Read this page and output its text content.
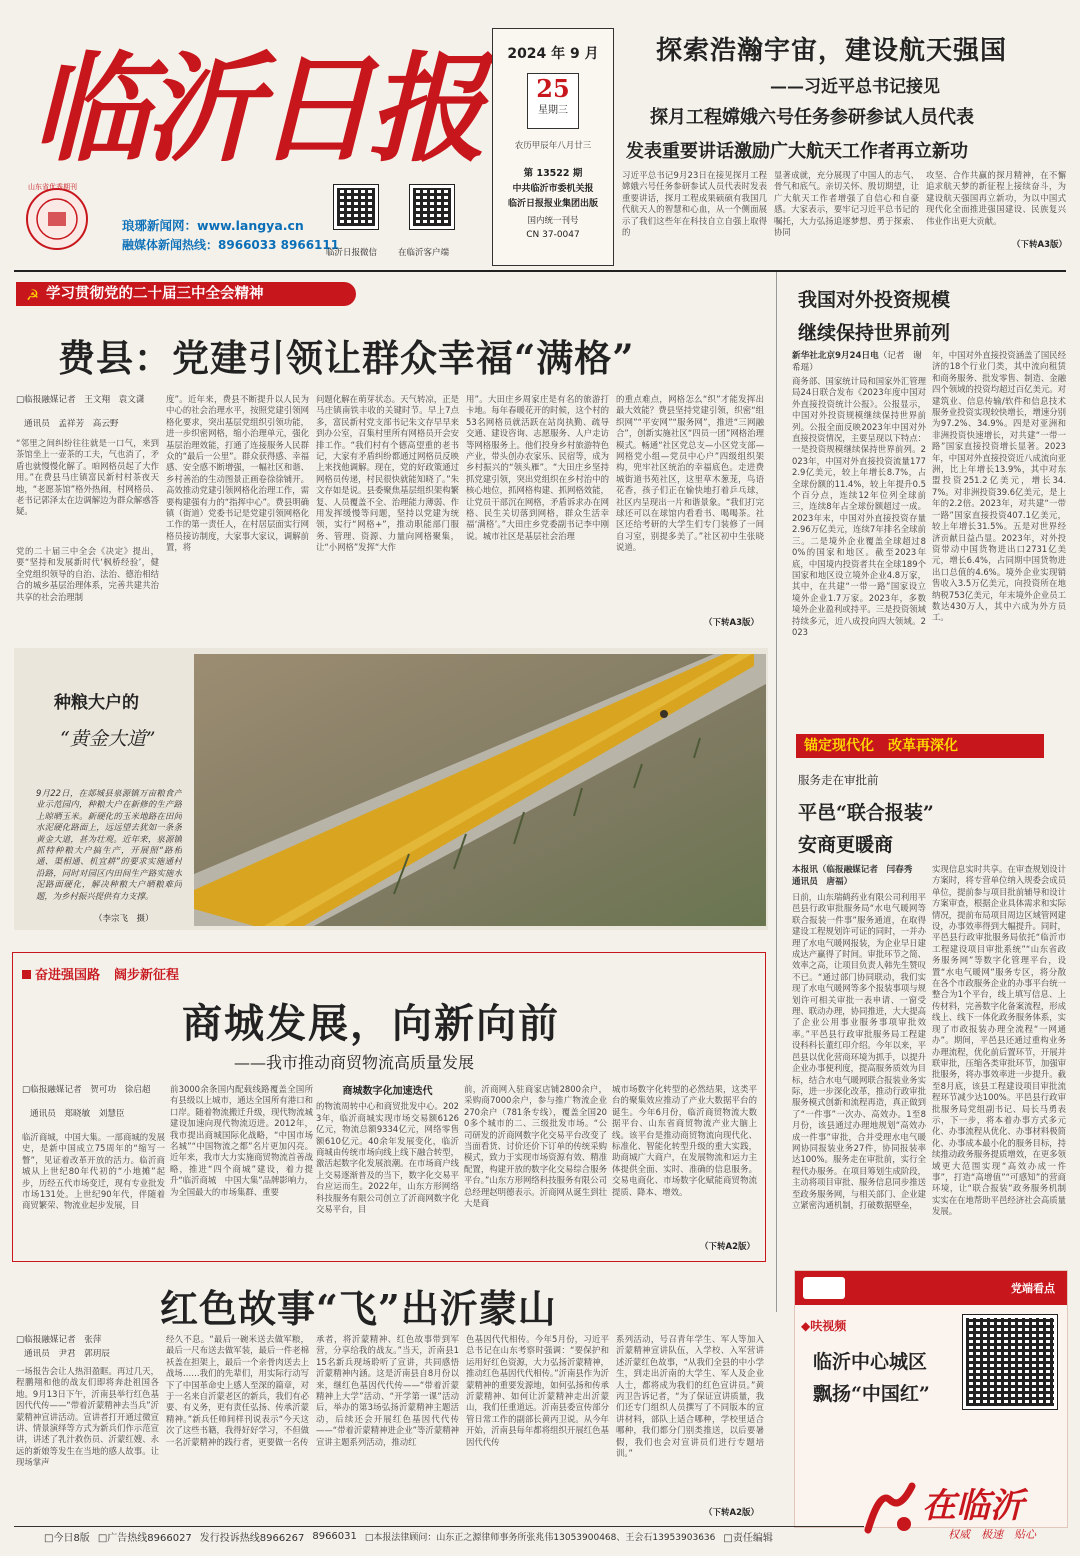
临沂日报
山东省优秀期刊
琅琊新闻网：www.langya.cn
融媒体新闻热线：8966033 8966111
2024 年 9 月
25
星期三
农历甲辰年八月廿三
第 13522 期
中共临沂市委机关报
临沂日报报业集团出版
国内统一刊号
CN 37-0047
临沂日报微信 在临沂客户端
探索浩瀚宇宙，建设航天强国
——习近平总书记接见
探月工程嫦娥六号任务参研参试人员代表
发表重要讲话激励广大航天工作者再立新功
习近平总书记9月23日在接见探月工程嫦娥六号任务参研参试人员代表时发表重要讲话，探月工程成果硕硕有我国几代航天人的智慧和心血，从一个侧面展示了我们这些年在科技自立自强上取得的
显著成就，充分展现了中国人的志气、骨气和底气。亲切关怀、殷切期望，让广大航天工作者增强了自信心和自豪感。大家表示，要牢记习近平总书记的嘱托，大力弘扬追逐梦想、勇于探索、协同
攻坚、合作共赢的探月精神，在不懈追求航天梦的新征程上接续奋斗，为建设航天强国再立新功，为以中国式现代化全面推进强国建设、民族复兴伟业作出更大贡献。
（下转A3版）
☭ 学习贯彻党的二十届三中全会精神
费县：党建引领让群众幸福“满格”
□临报融媒记者　王文翔　袁文潇
通讯员　孟祥芳　高云野
“邻里之间纠纷往往就是一口气，来到茶馆坐上一壶茶的工夫，气也消了，矛盾也就慢慢化解了。咱网格员起了大作用。”在费县马庄镇富民新村村茶夜天地，“老愿茶馆”格外热闹，村网格员、老书记郭泽太在边调解边为群众解惑答疑。
党的二十届三中全会《决定》提出，要“坚持和发展新时代‘枫桥经验’，健全党组织领导的自治、法治、德治相结合的城乡基层治理体系，完善共建共治共享的社会治理制
度”。近年来，费县不断提升以人民为中心的社会治理水平，按照党建引领网格化要求，突出基层党组织引领功能，进一步织密网格，缩小治理单元，强化基层治理效能，打通了连接服务人民群众的“最后一公里”。群众获得感、幸福感、安全感不断增强，一幅社区和谐、乡村善治的生动图景正画卷徐徐铺开。高效推动党建引领网格化治理工作，需要构建强有力的“指挥中心”。费县明确镇（街道）党委书记是党建引领网格化工作的第一责任人，在村居层面实行网格员接访制度，大家事大家议，调解前置，将
问题化解在萌芽状态。天气转凉，正是马庄镇南铁丰收的关键时节。早上7点多，富民新村党支部书记朱文存早早来到办公室，召集村里所有网格员开会安排工作。“我们村有个德高望重的老书记，大家有矛盾纠纷都通过网格员反映上来找他调解。现在，党的好政策通过网格员传递，村民很快就能知晓了。”朱文存如是说。县委聚焦基层组织架构繁复、人员覆盖不全、治理能力薄弱、作用发挥缓慢等问题，坚持以党建为统领，实行“网格+”，推动职能部门服务、管理、资源、力量向网格聚集，让“小网格”发挥“大作
用”。大田庄乡周家庄是有名的旅游打卡地。每年春暖花开的时候，这个村的53名网格员就活跃在站岗执勤、疏导交通、建设咨询、志愿服务、人户走访等网格服务上。他们投身乡村旅游特色产业，带头创办农家乐、民宿等，成为乡村振兴的“领头雁”。“大田庄乡坚持抓党建引领，突出党组织在乡村治中的核心地位，抓网格构建、抓网格效能，让党员干部沉在网格，矛盾诉求办在网格、民生关切落到网格，群众生活幸福‘满格’。”大田庄乡党委副书记李中刚说。城市社区是基层社会治理
的重点难点，网格怎么“织”才能发挥出最大效能？费县坚持党建引领，织密“组织网”“平安网”“服务网”，推进“三网融合”，创新实施社区“四员一团”网格治理模式。畅通“社区党总支—小区党支部—网格党小组—党员中心户”四级组织架构，兜牢社区统治的幸福底色。走进费城街道书苑社区，这里草木葱茏，鸟语花香，孩子们正在愉快地打着乒乓球，社区内呈现出一片和谐景象。“我们打完球还可以在球馆内看看书、喝喝茶。社区还给考研的大学生们专门装修了一间自习室，别提多美了。”社区初中生张晓说道。
（下转A3版）
我国对外投资规模
继续保持世界前列
新华社北京9月24日电（记者　谢希瑶）
商务部、国家统计局和国家外汇管理局24日联合发布《2023年度中国对外直接投资统计公报》。公报显示，中国对外投资规模继续保持世界前列。公报全面反映2023年中国对外直接投资情况，主要呈现以下特点：一是投资规模继续保持世界前列。2023年，中国对外直接投资流量1772.9亿美元，较上年增长8.7%，占全球份额的11.4%，较上年提升0.5个百分点，连续12年位列全球前三，连续8年占全球份额超过一成。2023年末，中国对外直接投资存量2.96万亿美元，连续7年排名全球前三。二是境外企业覆盖全球超过80%的国家和地区。截至2023年底，中国境内投资者共在全球189个国家和地区设立境外企业4.8万家，其中，在共建“一带一路”国家设立境外企业1.7万家。2023年，多数境外企业盈利或持平。三是投资领域持续多元，近八成投向四大领域。2023
年，中国对外直接投资涵盖了国民经济的18个行业门类，其中流向租赁和商务服务、批发零售、制造、金融四个领域的投资均超过百亿美元。对建筑业、信息传输/软件和信息技术服务业投资实现较快增长，增速分别为97.2%、34.9%。四是对亚洲和非洲投资快速增长，对共建“一带一路”国家直接投资增长显著。2023年，中国对外直接投资近八成流向亚洲，比上年增长13.9%，其中对东盟投资251.2亿美元，增长34.7%。对非洲投资39.6亿美元，是上年的2.2倍。2023年，对共建“一带一路”国家直接投资407.1亿美元，较上年增长31.5%。五是对世界经济贡献日益凸显。2023年，对外投资带动中国货物进出口2731亿美元，增长6.4%，占同期中国货物进出口总值的4.6%。境外企业实现销售收入3.5万亿美元，向投资所在地纳税753亿美元，年末境外企业员工数达430万人，其中六成为外方员工。
锚定现代化　改革再深化
服务走在审批前
平邑“联合报装”
安商更暖商
本报讯（临报融媒记者　闫春秀　通讯员　唐福）
日前，山东瑞鹤药业有限公司利用平邑县行政审批服务局“水电气暖网等联合报装一件事”服务通道，在取得建设工程规划许可证的同时，一并办理了水电气暖网报装，为企业早日建成达产赢得了时间。审批环节之简、效率之高，让项目负责人韩先生赞叹不已。“通过部门协同联动，我们实现了水电气暖网等多个报装事项与规划许可相关审批一表申请、一窗受理、联动办理，协同推进，大大提高了企业公用事业服务事项审批效率。”平邑县行政审批服务局工程建设科科长董红印介绍。今年以来，平邑县以优化营商环境为抓手，以提升企业办事便利度，提高服务质效为目标，结合水电气暖网联合报装业务实际，进一步深化改革，推动行政审批服务模式创新和流程再造，真正做到了“一件事”一次办、高效办。1至8月份，该县通过办理地规划“高效办成一件事”审批，合并受理水电气暖网协同报装业务27件，协同报装率达100%。服务走在审批前，实行全程代办服务。在项目筹划生成阶段，主动将项目审批、服务信息同步推送至政务服务网，与相关部门、企业建立紧密沟通机制，打破数据壁垒，
实现信息实时共享。在审查规划设计方案时，将专营单位纳入规委会成员单位，提前参与项目批前辅导和设计方案审查，根据企业具体需求和实际情况，提前布局项目周边区域管网建设，办事效率得到大幅提升。同时，平邑县行政审批服务局依托“临沂市工程建设项目审批系统”“山东省政务服务网”等数字化管理平台，设置“水电气暖网”服务专区，将分散在各个市政服务企业的办事平台统一整合为1个平台，线上填写信息、上传材料，完善数字化备案流程，形成线上、线下一体化政务服务体系，实现了市政报装办理全流程“一网通办”。期间，平邑县还通过重构业务办理流程，优化前后置环节，开展并联审批，压缩各类审批环节，加强审批服务，将办事效率进一步提升。截至8月底，该县工程建设项目审批流程环节减少达100%。平邑县行政审批服务局党组副书记、局长马勇表示，下一步，将本着办事方式多元化、办事流程从优化、办事材料极简化、办事成本最小化的服务目标，持续推动政务服务提质增效，在更多领域更大范围实现“高效办成一件事”，打造“高增值”“可感知”的营商环境，让“联合报装”政务服务机制实实在在地帮助平邑经济社会高质量发展。
种粮大户的
“黄金大道”
9月22日，在郯城县泉源镇万亩粮食产业示范园内，种粮大户在新修的生产路上晾晒玉米。新硬化的玉米地路在田间水泥硬化路面上，远远望去犹如一条条黄金大道，甚为壮观。近年来，泉源镇抓特种粮大户搞生产，开展照“路相通、渠相通、机宜耕”的要求实施通村沿路，同时对园区内田间生产路实施水泥路面硬化，解决种粮大户晒粮难问题，为乡村振兴提供有力支撑。
（李宗飞　摄）
奋进强国路 阔步新征程
商城发展，向新向前
——我市推动商贸物流高质量发展
□临报融媒记者　贺可功　徐启超
通讯员　郑晓敏　刘慧臣
临沂商城，中国大集。一部商城的发展史，是新中国成立75周年的“缩写一瞥”，见证着改革开放的活力。临沂商城从上世纪80年代初的“小地摊”起步，历经五代市场变迁，现有专业批发市场131处。上世纪90年代，伴随着商贸繁荣、物流业起步发展，目
前3000余条国内配载线路覆盖全国所有县级以上城市，通达全国所有港口和口岸。随着物流搬迁升级，现代物流城建设加速向现代物流迈进。2012年，我市提出商城国际化战略，“中国市场名城”“中国物流之都”名片更加闪亮。近年来，我市大力实施商贸物流首善战略，推进“四个商城”建设，着力提升“临沂商城　中国大集”品牌影响力，为全国最大的市场集群、重要
商城数字化加速迭代
的物流周转中心和商贸批发中心。2023年，临沂商城实现市场交易额6126亿元，物流总额9334亿元，网络零售额610亿元。40余年发展变化，临沂商城由传统市场向线上线下融合转型，激活起数字化发展浪潮。在市场商户线上交易逐渐普及的当下，数字化交易平台应运而生。2022年，山东方形网络科技服务有限公司创立了沂商网数字化交易平台，目
前，沂商网入驻商家店铺2800余户，采购商7000余户，参与推广物流企业270余户（781条专线），覆盖全国200多个城市的二、三级批发市场。“公司研发的沂商网数字化交易平台改变了当面看货、讨价还价下订单的传统采购模式，致力于实现市场资源有效、精准配置，构建开放的数字化交易综合服务平台。”山东方形网络科技服务有限公司总经理赵明德表示。沂商网从诞生到壮大是商
城市场数字化转型的必然结果，这类平台的聚集效应推动了产业大数据平台的诞生。今年6月份，临沂商贸物流大数据平台、山东省商贸物流产业大脑上线。该平台是推动商贸物流向现代化、标准化、智能化转型升级的重大实践，助商城广大商户，在发展物流和运力主体提供全面、实时、准确的信息服务。交易电商化、市场数字化赋能商贸物流提质、降本、增效。
（下转A2版）
红色故事“飞”出沂蒙山
□临报融媒记者　张萍
通讯员　尹君　郭玥辰
一场报告会让人热泪盈眶。再过几天，程鹏翔和他的战友们即将奔赴祖国各地。9月13日下午，沂南县举行红色基因代代传——“带着沂蒙精神去当兵”沂蒙精神宣讲活动。宣讲者打开通过微宣讲、情景演绎等方式为新兵们作示范宣讲，讲述了乳汁救伤员、沂蒙红嫂、永远的新娘等发生在当地的感人故事。让现场掌声
经久不息。“最后一碗米送去做军粮，最后一尺布送去做军装，最后一件老棉袄盖在担架上，最后一个亲骨肉送去上战场……我们的先辈们，用实际行动写下了中国革命史上感人至深的篇章，对于一名来自沂蒙老区的新兵，我们有必要、有义务，更有责任弘扬、传承沂蒙精神。”新兵任帅间样刊说表示“今天这次了这些书籍，我得好好学习，不但做一名沂蒙精神的践行者，更要做一名传
承者，将沂蒙精神、红色故事带到军营，分享给我的战友。”当天，沂南县115名新兵现场聆听了宣讲，共同感悟沂蒙精神内涵。这是沂南县自8月份以来，继红色基因代代传——“带着沂蒙精神上大学”活动、“开学第一课”活动后，举办的第3场弘扬沂蒙精神主题活动，后续还会开展红色基因代代传——“带着沂蒙精神进企业”等沂蒙精神宣讲主题系列活动，推动红
色基因代代相传。今年5月份，习近平总书记在山东考察时强调：“要保护和运用好红色资源，大力弘扬沂蒙精神，推动红色基因代代相传。”沂南县作为沂蒙精神的重要发源地，如何弘扬和传承沂蒙精神、如何让沂蒙精神走出沂蒙山，我们任重道远。沂南县委宣传部分管日常工作的副部长黄丙卫说。从今年开始，沂南县每年都将组织开展红色基因代代传
系列活动，号召青年学生、军人等加入沂蒙精神宣讲队伍，入学校、入军营讲述沂蒙红色故事，“从我们全县的中小学生，到走出沂南的大学生、军人及企业人士，都将成为我们的红色宣讲员。”黄丙卫告诉记者，“为了保证宣讲质量，我们还专门组织人员撰写了不同版本的宣讲材料，部队上适合哪种，学校里适合哪种，我们都分门别类推送，以后要暑假，我们也会对宣讲员们进行专题培训。”
（下转A2版）
党端看点
◆呋视频
临沂中心城区
飘扬“中国红”
在临沂
权威　极速　贴心
□今日8版 □广告热线8966027 发行投诉热线8966267 8966031 □本报法律顾问：山东正之源律师事务所张兆伟13053900468、王会石13953903636 □责任编辑
